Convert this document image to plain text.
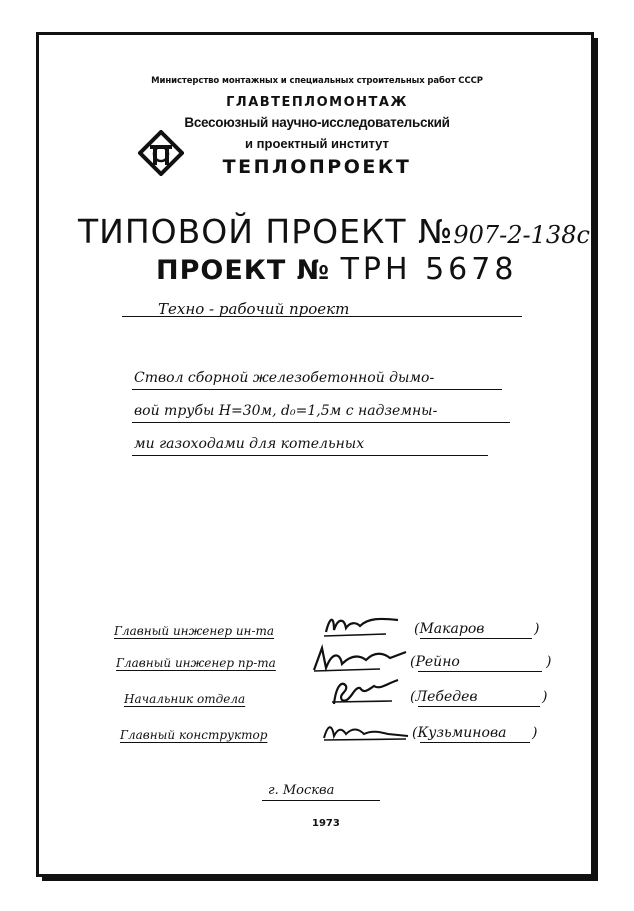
Министерство монтажных и специальных строительных работ СССР
ГЛАВТЕПЛОМОНТАЖ
Всесоюзный научно-исследовательский
и проектный институт
ТЕПЛОПРОЕКТ
ТИПОВОЙ ПРОЕКТ №907-2-138с
ПРОЕКТ № ТРН 5678
Техно - рабочий проект
Ствол сборной железобетонной дымо-
вой трубы Н=30м, d₀=1,5м с надземны-
ми газоходами для котельных
Главный инженер ин-та	(Макаров	)
Главный инженер пр-та	(Рейно	)
Начальник отдела	(Лебедев	)
Главный конструктор	(Кузьминова )
г. Москва
1973
